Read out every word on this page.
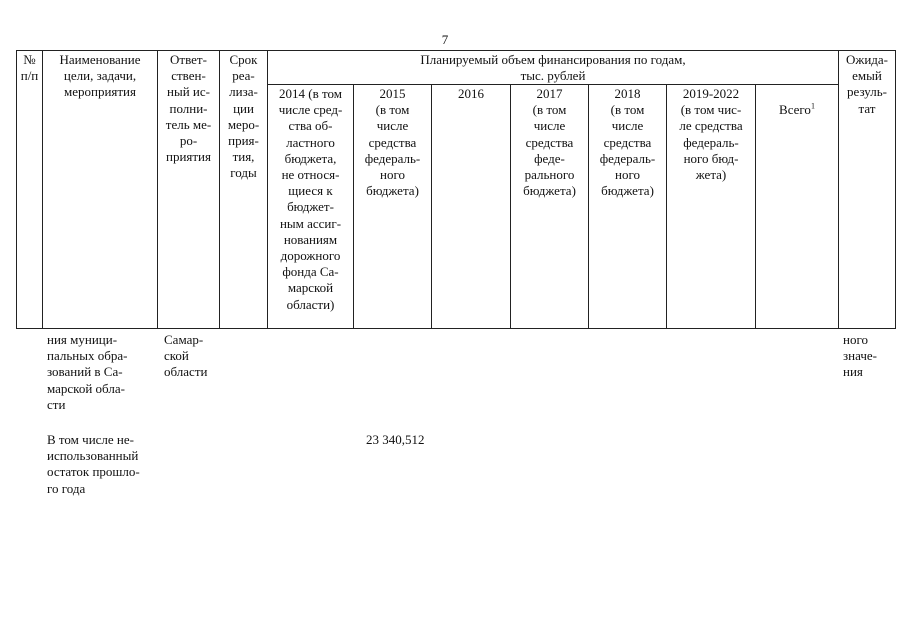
7
№
п/п
Наименование
цели, задачи,
мероприятия
Ответ-
ствен-
ный ис-
полни-
тель ме-
ро-
приятия
Срок
реа-
лиза-
ции
меро-
прия-
тия,
годы
Планируемый объем финансирования по годам,
тыс. рублей
Ожида-
емый
резуль-
тат
2014 (в том
числе сред-
ства об-
ластного
бюджета,
не относя-
щиеся к
бюджет-
ным ассиг-
нованиям
дорожного
фонда Са-
марской
области)
2015
(в том
числе
средства
федераль-
ного
бюджета)
2016	2017
(в том
числе
средства
феде-
рального
бюджета)
2018
(в том
числе
средства
федераль-
ного
бюджета)
2019-2022
(в том чис-
ле средства
федераль-
ного бюд-
жета)

Всего$^1$

ния муници-
пальных обра-
зований в Са-
марской обла-
сти
Самар-
ской
области
ного
значе-
ния
В том числе не-
использованный
остаток прошло-
го года
23 340,512
